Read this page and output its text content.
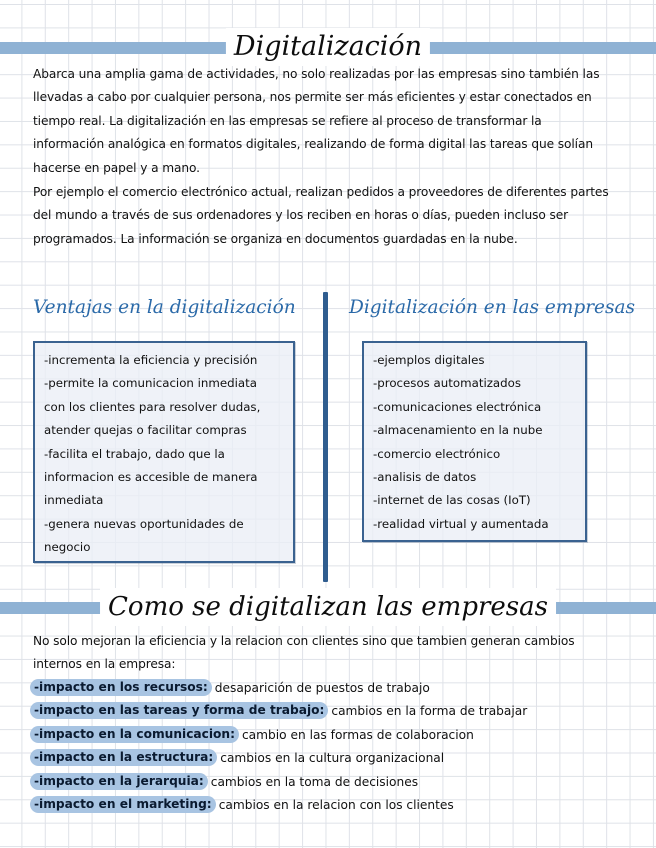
Digitalización
Abarca una amplia gama de actividades, no solo realizadas por las empresas sino también las
llevadas a cabo por cualquier persona, nos permite ser más eficientes y estar conectados en
tiempo real. La digitalización en las empresas se refiere al proceso de transformar la
información analógica en formatos digitales, realizando de forma digital las tareas que solían
hacerse en papel y a mano.
Por ejemplo el comercio electrónico actual, realizan pedidos a proveedores de diferentes partes
del mundo a través de sus ordenadores y los reciben en horas o días, pueden incluso ser
programados. La información se organiza en documentos guardadas en la nube.
Ventajas en la digitalización	Digitalización en las empresas
-incrementa la eficiencia y precisión
-permite la comunicacion inmediata
con los clientes para resolver dudas,
atender quejas o facilitar compras
-facilita el trabajo, dado que la
informacion es accesible de manera
inmediata
-genera nuevas oportunidades de
negocio
-ejemplos digitales
-procesos automatizados
-comunicaciones electrónica
-almacenamiento en la nube
-comercio electrónico
-analisis de datos
-internet de las cosas (IoT)
-realidad virtual y aumentada
Como se digitalizan las empresas
No solo mejoran la eficiencia y la relacion con clientes sino que tambien generan cambios
internos en la empresa:
-impacto en los recursos: desaparición de puestos de trabajo
-impacto en las tareas y forma de trabajo: cambios en la forma de trabajar
-impacto en la comunicacion: cambio en las formas de colaboracion
-impacto en la estructura: cambios en la cultura organizacional
-impacto en la jerarquia: cambios en la toma de decisiones
-impacto en el marketing: cambios en la relacion con los clientes
